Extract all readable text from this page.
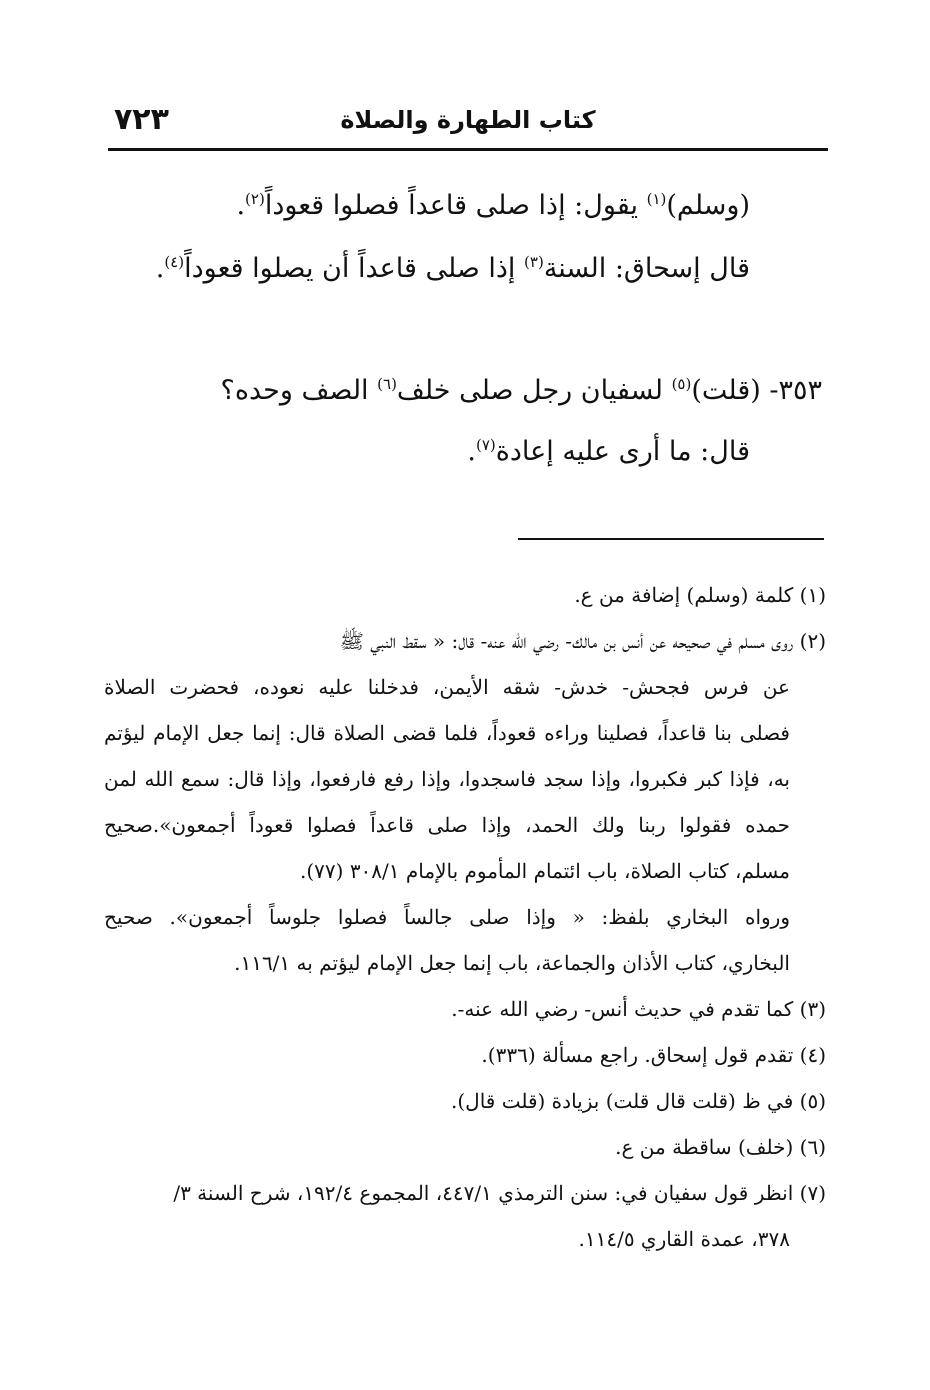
كتاب الطهارة والصلاة
٧٢٣
(وسلم)$^{(١)}$ يقول: إذا صلى قاعداً فصلوا قعوداً$^{(٢)}$.
قال إسحاق: السنة$^{(٣)}$ إذا صلى قاعداً أن يصلوا قعوداً$^{(٤)}$.
٣٥٣- (قلت)$^{(٥)}$ لسفيان رجل صلى خلف$^{(٦)}$ الصف وحده؟
قال: ما أرى عليه إعادة$^{(٧)}$.
(١) كلمة (وسلم) إضافة من ع.
(٢) روى مسلم في صحيحه عن أنس بن مالك- رضي الله عنه- قال: « سقط النبي ﷺ
عن فرس فجحش- خدش- شقه الأيمن، فدخلنا عليه نعوده، فحضرت الصلاة
فصلى بنا قاعداً، فصلينا وراءه قعوداً، فلما قضى الصلاة قال: إنما جعل الإمام ليؤتم
به، فإذا كبر فكبروا، وإذا سجد فاسجدوا، وإذا رفع فارفعوا، وإذا قال: سمع الله لمن
حمده فقولوا ربنا ولك الحمد، وإذا صلى قاعداً فصلوا قعوداً أجمعون».صحيح
مسلم، كتاب الصلاة، باب ائتمام المأموم بالإمام ٣٠٨/١ (٧٧).
ورواه البخاري بلفظ: « وإذا صلى جالساً فصلوا جلوساً أجمعون». صحيح
البخاري، كتاب الأذان والجماعة، باب إنما جعل الإمام ليؤتم به ١١٦/١.
(٣) كما تقدم في حديث أنس- رضي الله عنه-.
(٤) تقدم قول إسحاق. راجع مسألة (٣٣٦).
(٥) في ظ (قلت قال قلت) بزيادة (قلت قال).
(٦) (خلف) ساقطة من ع.
(٧) انظر قول سفيان في: سنن الترمذي ٤٤٧/١، المجموع ١٩٢/٤، شرح السنة ٣/
٣٧٨، عمدة القاري ١١٤/٥.
